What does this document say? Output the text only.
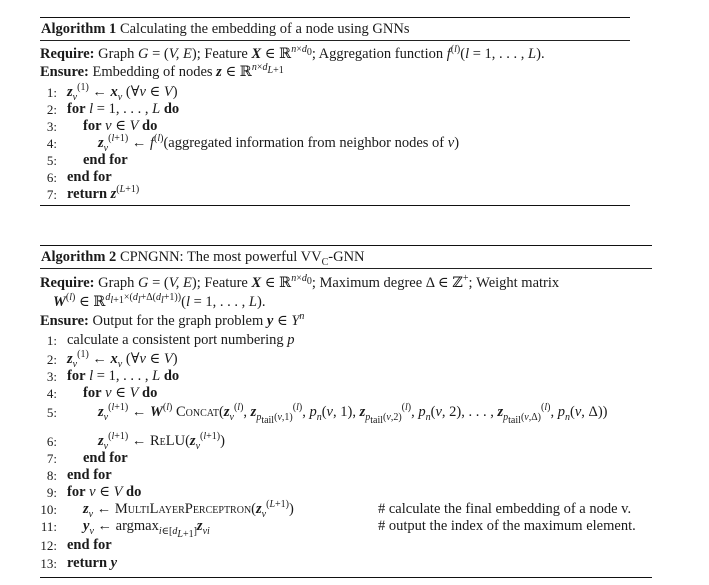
Algorithm 1 Calculating the embedding of a node using GNNs
Require: Graph G = (V, E); Feature X ∈ ℝ$^{n\times d_0}$; Aggregation function $f^{(l)}(l = 1$, . . . , L).
Ensure: Embedding of nodes z ∈ ℝ$^{n\times d_{L+1}}$
1: $z_v^{(1)}$ ← $x_v$ (∀v ∈ V)
2: for l = 1, . . . , L do
3: for v ∈ V do
4:	$z_v^{(l+1)}$ ← $f^{(l)}(aggregated$ information from neighbor nodes of v)
5: end for
6: end for
7: return $z^{(L+1)}$
Algorithm 2 CPNGNN: The most powerful $VV_C$-GNN
Require: Graph G = (V, E); Feature X ∈ ℝ$^{n\times d_0}$; Maximum degree Δ ∈ ℤ+; Weight matrix
$W^{(l)}$ ∈ ℝ$^{d_{l+1}\times(d_l+\Delta(d_l+1))}$(l = 1, . . . , L).
Ensure: Output for the graph problem y ∈ $Y^n$
1: calculate a consistent port numbering p
2: $z_v^{(1)}$ ← $x_v$ (∀v ∈ V)
3: for l = 1, . . . , L do
4: for v ∈ V do
5:	$z_v^{(l+1)}$ ← $W^{(l)}$ $Concat(z_v^{(l)}$, $z_{p_{tail}(v,1)}^{(l)}$, $p_n(v$, 1), $z_{p_{tail}(v,2)}^{(l)}$, $p_n(v$, 2), . . . , $z_{p_{tail}(v,\Delta)}^{(l)}$, $p_n(v$, Δ))
6:	$z_v^{(l+1)}$ ← $ReLU(z_v^{(l+1)})$
7: end for
8: end for
9: for v ∈ V do
10: $z_v$ ← $MultiLayerPerceptron(z_v^{(L+1)})$	# calculate the final embedding of a node v.
11: $y_v$ ← $argmax_{i\in[d_{L+1}]}z_{vi}$	# output the index of the maximum element.
12: end for
13: return y
